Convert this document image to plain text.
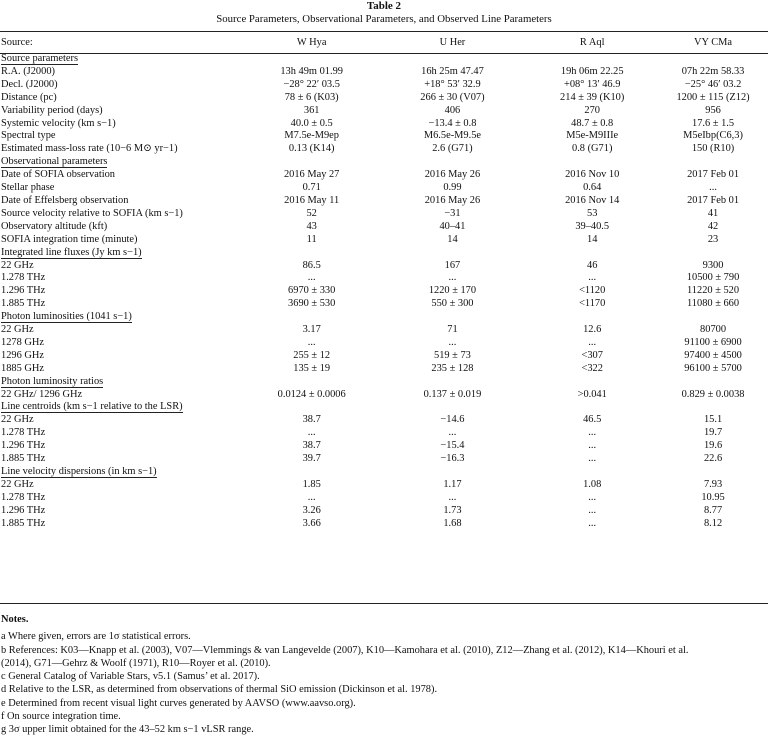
Table 2
Source Parameters, Observational Parameters, and Observed Line Parameters
Source:	W Hya	U Her	R Aql	VY CMa
Source parameters				
R.A. (J2000)	13h 49m 01.99	16h 25m 47.47	19h 06m 22.25	07h 22m 58.33
Decl. (J2000)	−28° 22′ 03.5	+18° 53′ 32.9	+08° 13′ 46.9	−25° 46′ 03.2
Distance (pc)	78 ± 6 (K03)	266 ± 30 (V07)	214 ± 39 (K10)	1200 ± 115 (Z12)
Variability period (days)	361	406	270	956
Systemic velocity (km s−1)	40.0 ± 0.5	−13.4 ± 0.8	48.7 ± 0.8	17.6 ± 1.5
Spectral type	M7.5e-M9ep	M6.5e-M9.5e	M5e-M9IIIe	M5eIbp(C6,3)
Estimated mass-loss rate (10−6 M⊙ yr−1)	0.13 (K14)	2.6 (G71)	0.8 (G71)	150 (R10)
Observational parameters				
Date of SOFIA observation	2016 May 27	2016 May 26	2016 Nov 10	2017 Feb 01
Stellar phase	0.71	0.99	0.64	...
Date of Effelsberg observation	2016 May 11	2016 May 26	2016 Nov 14	2017 Feb 01
Source velocity relative to SOFIA (km s−1)	52	−31	53	41
Observatory altitude (kft)	43	40–41	39–40.5	42
SOFIA integration time (minute)	11	14	14	23
Integrated line fluxes (Jy km s−1)				
22 GHz	86.5	167	46	9300
1.278 THz	...	...	...	10500 ± 790
1.296 THz	6970 ± 330	1220 ± 170	<1120	11220 ± 520
1.885 THz	3690 ± 530	550 ± 300	<1170	11080 ± 660
Photon luminosities (1041 s−1)				
22 GHz	3.17	71	12.6	80700
1278 GHz	...	...	...	91100 ± 6900
1296 GHz	255 ± 12	519 ± 73	<307	97400 ± 4500
1885 GHz	135 ± 19	235 ± 128	<322	96100 ± 5700
Photon luminosity ratios				
22 GHz/ 1296 GHz	0.0124 ± 0.0006	0.137 ± 0.019	>0.041	0.829 ± 0.0038
Line centroids (km s−1 relative to the LSR)				
22 GHz	38.7	−14.6	46.5	15.1
1.278 THz	...	...	...	19.7
1.296 THz	38.7	−15.4	...	19.6
1.885 THz	39.7	−16.3	...	22.6
Line velocity dispersions (in km s−1)				
22 GHz	1.85	1.17	1.08	7.93
1.278 THz	...	...	...	10.95
1.296 THz	3.26	1.73	...	8.77
1.885 THz	3.66	1.68	...	8.12
Notes.
a Where given, errors are 1σ statistical errors.
b References: K03—Knapp et al. (2003), V07—Vlemmings & van Langevelde (2007), K10—Kamohara et al. (2010), Z12—Zhang et al. (2012), K14—Khouri et al.
(2014), G71—Gehrz & Woolf (1971), R10—Royer et al. (2010).
c General Catalog of Variable Stars, v5.1 (Samus’ et al. 2017).
d Relative to the LSR, as determined from observations of thermal SiO emission (Dickinson et al. 1978).
e Determined from recent visual light curves generated by AAVSO (www.aavso.org).
f On source integration time.
g 3σ upper limit obtained for the 43–52 km s−1 vLSR range.
